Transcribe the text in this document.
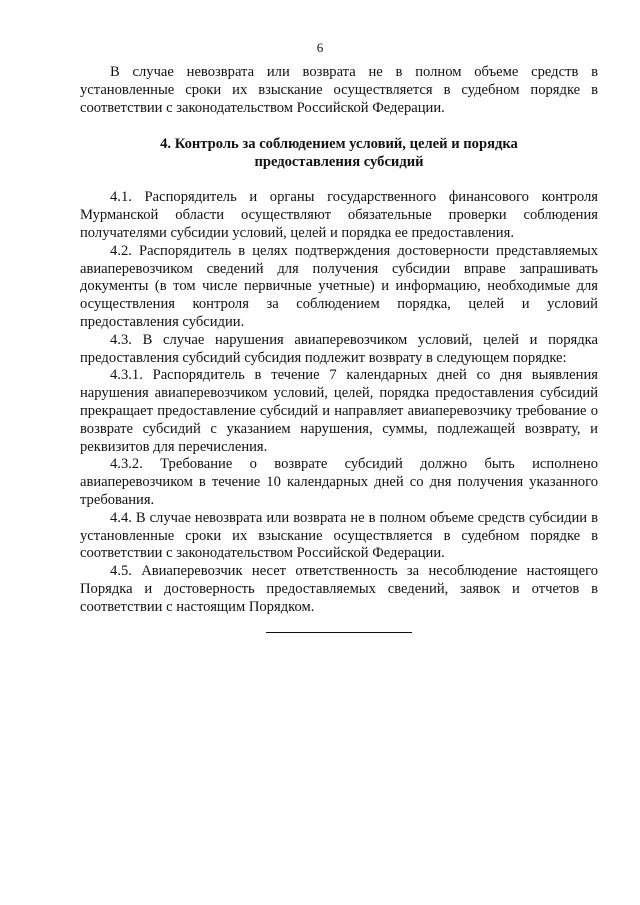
6

В случае невозврата или возврата не в полном объеме средств в установленные сроки их взыскание осуществляется в судебном порядке в соответствии с законодательством Российской Федерации.

4. Контроль за соблюдением условий, целей и порядка
предоставления субсидий

4.1. Распорядитель и органы государственного финансового контроля Мурманской области осуществляют обязательные проверки соблюдения получателями субсидии условий, целей и порядка ее предоставления.

4.2. Распорядитель в целях подтверждения достоверности представляемых авиаперевозчиком сведений для получения субсидии вправе запрашивать документы (в том числе первичные учетные) и информацию, необходимые для осуществления контроля за соблюдением порядка, целей и условий предоставления субсидии.

4.3. В случае нарушения авиаперевозчиком условий, целей и порядка предоставления субсидий субсидия подлежит возврату в следующем порядке:

4.3.1. Распорядитель в течение 7 календарных дней со дня выявления нарушения авиаперевозчиком условий, целей, порядка предоставления субсидий прекращает предоставление субсидий и направляет авиаперевозчику требование о возврате субсидий с указанием нарушения, суммы, подлежащей возврату, и реквизитов для перечисления.

4.3.2. Требование о возврате субсидий должно быть исполнено авиаперевозчиком в течение 10 календарных дней со дня получения указанного требования.

4.4. В случае невозврата или возврата не в полном объеме средств субсидии в установленные сроки их взыскание осуществляется в судебном порядке в соответствии с законодательством Российской Федерации.

4.5. Авиаперевозчик несет ответственность за несоблюдение настоящего Порядка и достоверность предоставляемых сведений, заявок и отчетов в соответствии с настоящим Порядком.
